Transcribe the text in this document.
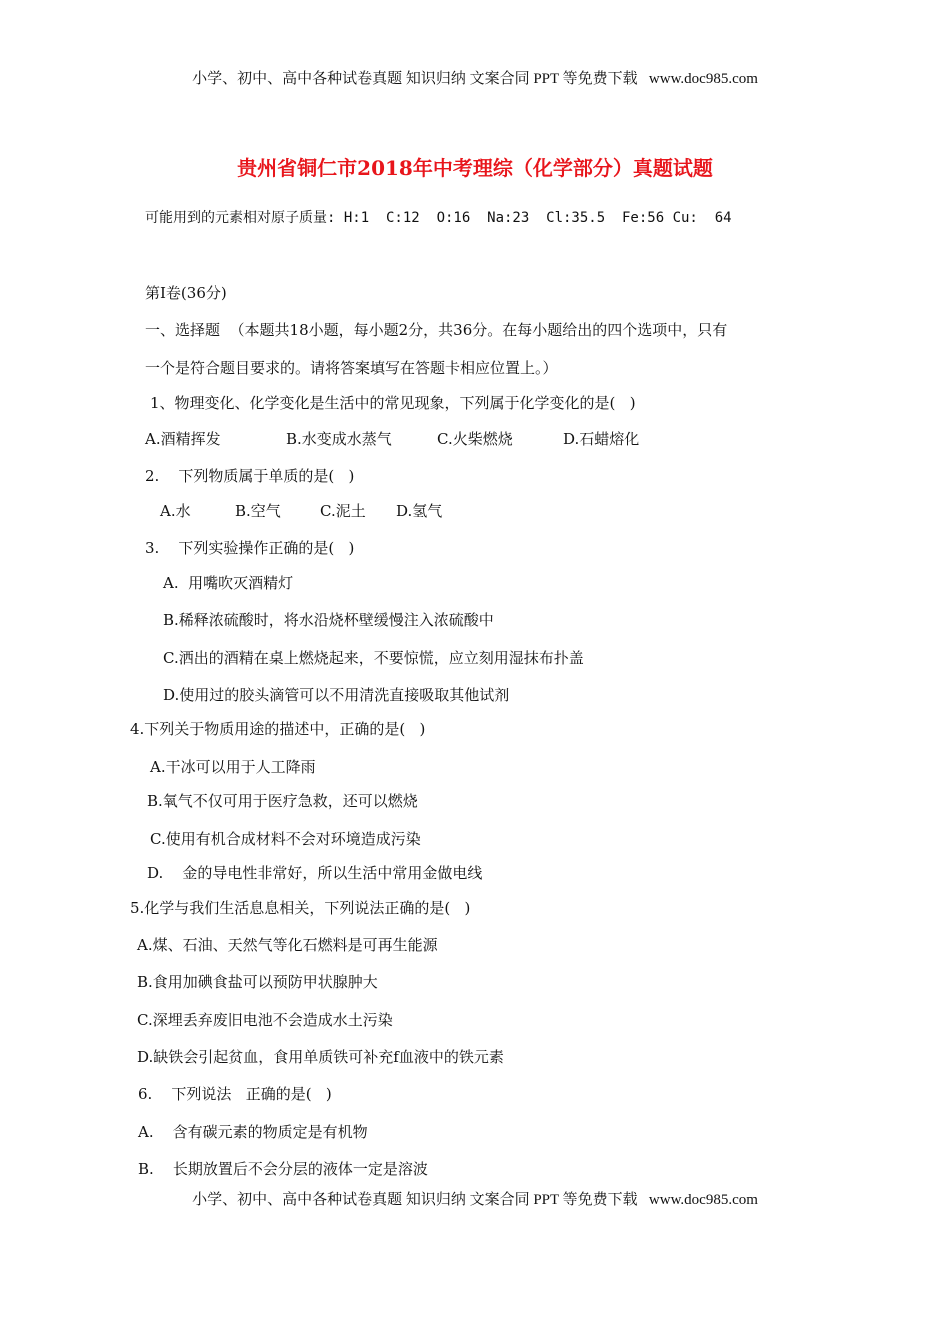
小学、初中、高中各种试卷真题 知识归纳 文案合同 PPT 等免费下载   www.doc985.com
贵州省铜仁市2018年中考理综（化学部分）真题试题
可能用到的元素相对原子质量: H:1  C:12  O:16  Na:23  Cl:35.5  Fe:56 Cu:  64
第Ⅰ卷(36分)
一、选择题  （本题共18小题，每小题2分，共36分。在每小题给出的四个选项中，只有
一个是符合题目要求的。请将答案填写在答题卡相应位置上。）
1、物理变化、化学变化是生活中的常见现象，下列属于化学变化的是(   )
A.酒精挥发	B.水变成水蒸气	C.火柴燃烧	D.石蜡熔化
2.    下列物质属于单质的是(   )
A.水	B.空气	C.泥土 D.氢气
3.    下列实验操作正确的是(   )
A.  用嘴吹灭酒精灯
B.稀释浓硫酸时，将水沿烧杯壁缓慢注入浓硫酸中
C.洒出的酒精在桌上燃烧起来，不要惊慌，应立刻用湿抹布扑盖
D.使用过的胶头滴管可以不用清洗直接吸取其他试剂
4.下列关于物质用途的描述中，正确的是(   )
A.干冰可以用于人工降雨
B.氧气不仅可用于医疗急救，还可以燃烧
C.使用有机合成材料不会对环境造成污染
D.    金的导电性非常好，所以生活中常用金做电线
5.化学与我们生活息息相关，下列说法正确的是(   )
A.煤、石油、天然气等化石燃料是可再生能源
B.食用加碘食盐可以预防甲状腺肿大
C.深埋丢弃废旧电池不会造成水土污染
D.缺铁会引起贫血，食用单质铁可补充f血液中的铁元素
6.    下列说法   正确的是(   )
A.    含有碳元素的物质定是有机物
B.    长期放置后不会分层的液体一定是溶波
小学、初中、高中各种试卷真题 知识归纳 文案合同 PPT 等免费下载   www.doc985.com
